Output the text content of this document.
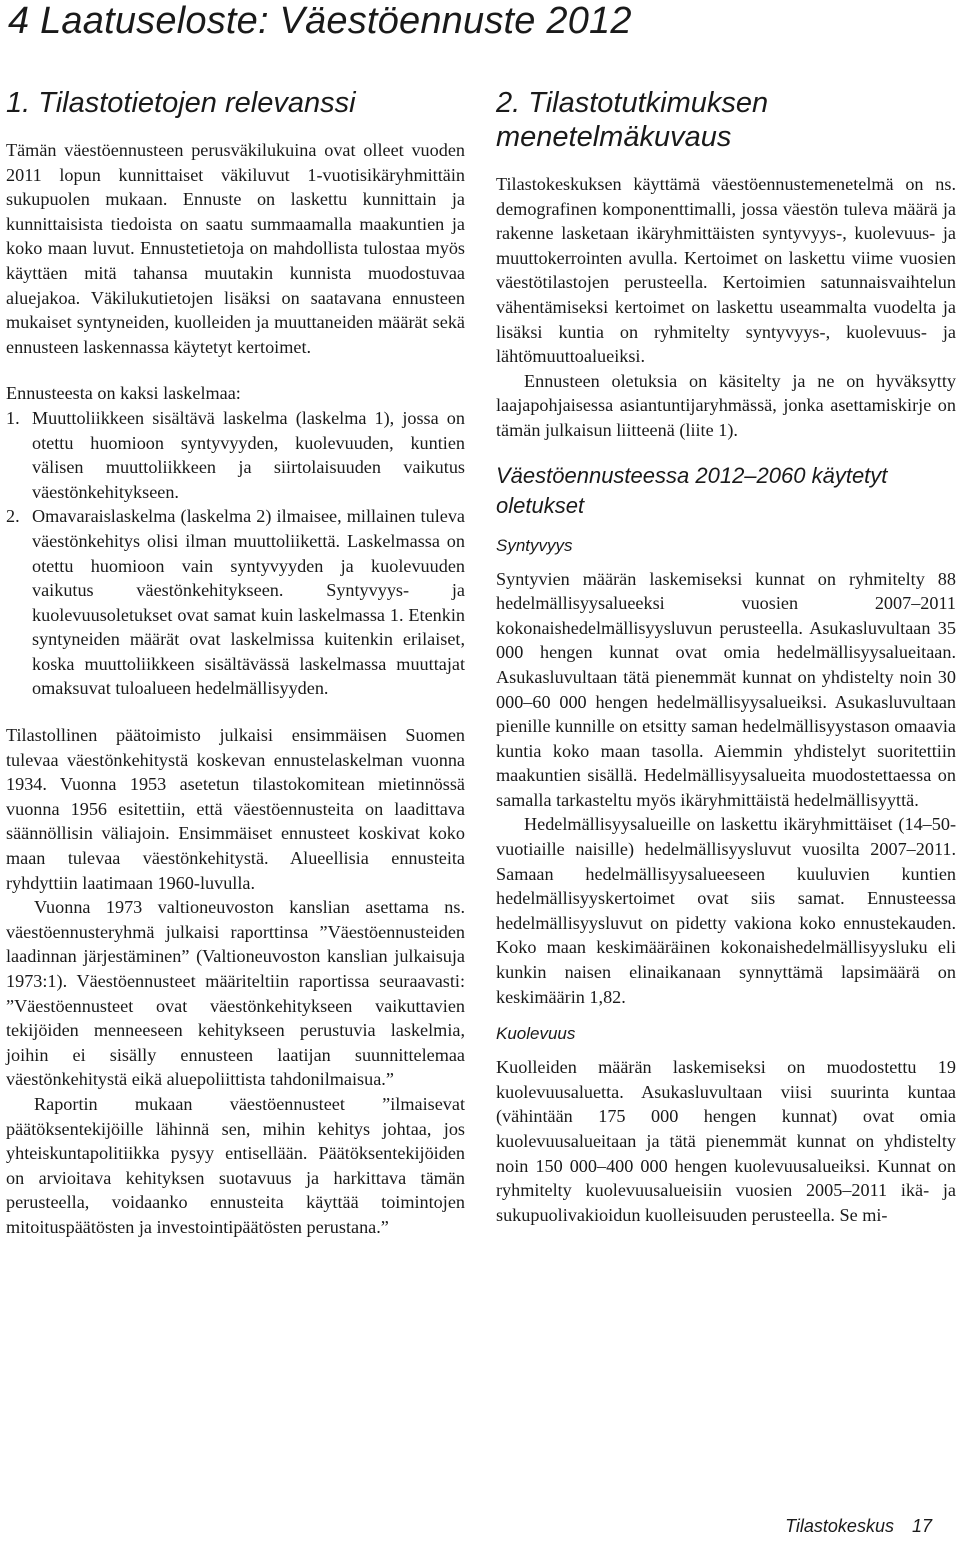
4 Laatuseloste: Väestöennuste 2012
1. Tilastotietojen relevanssi

Tämän väestöennusteen perusväkilukuina ovat olleet vuoden 2011 lopun kunnittaiset väkiluvut 1-vuotisikäryhmittäin sukupuolen mukaan. Ennuste on laskettu kunnittain ja kunnittaisista tiedoista on saatu summaamalla maakuntien ja koko maan luvut. Ennustetietoja on mahdollista tulostaa myös käyttäen mitä tahansa muutakin kunnista muodostuvaa aluejakoa. Väkilukutietojen lisäksi on saatavana ennusteen mukaiset syntyneiden, kuolleiden ja muuttaneiden määrät sekä ennusteen laskennassa käytetyt kertoimet.

Ennusteesta on kaksi laskelmaa:

1. Muuttoliikkeen sisältävä laskelma (laskelma 1), jossa on otettu huomioon syntyvyyden, kuolevuuden, kuntien välisen muuttoliikkeen ja siirtolaisuuden vaikutus väestönkehitykseen.
2. Omavaraislaskelma (laskelma 2) ilmaisee, millainen tuleva väestönkehitys olisi ilman muuttoliikettä. Laskelmassa on otettu huomioon vain syntyvyyden ja kuolevuuden vaikutus väestönkehitykseen. Syntyvyys- ja kuolevuusoletukset ovat samat kuin laskelmassa 1. Etenkin syntyneiden määrät ovat laskelmissa kuitenkin erilaiset, koska muuttoliikkeen sisältävässä laskelmassa muuttajat omaksuvat tuloalueen hedelmällisyyden.

Tilastollinen päätoimisto julkaisi ensimmäisen Suomen tulevaa väestönkehitystä koskevan ennustelaskelman vuonna 1934. Vuonna 1953 asetetun tilastokomitean mietinnössä vuonna 1956 esitettiin, että väestöennusteita on laadittava säännöllisin väliajoin. Ensimmäiset ennusteet koskivat koko maan tulevaa väestönkehitystä. Alueellisia ennusteita ryhdyttiin laatimaan 1960-luvulla.

Vuonna 1973 valtioneuvoston kanslian asettama ns. väestöennusteryhmä julkaisi raporttinsa ”Väestöennusteiden laadinnan järjestäminen” (Valtioneuvoston kanslian julkaisuja 1973:1). Väestöennusteet määriteltiin raportissa seuraavasti: ”Väestöennusteet ovat väestönkehitykseen vaikuttavien tekijöiden menneeseen kehitykseen perustuvia laskelmia, joihin ei sisälly ennusteen laatijan suunnittelemaa väestönkehitystä eikä aluepoliittista tahdonilmaisua.”

Raportin mukaan väestöennusteet ”ilmaisevat päätöksentekijöille lähinnä sen, mihin kehitys johtaa, jos yhteiskuntapolitiikka pysyy entisellään. Päätöksentekijöiden on arvioitava kehityksen suotavuus ja harkittava tämän perusteella, voidaanko ennusteita käyttää toimintojen mitoituspäätösten ja investointipäätösten perustana.”

2. Tilastotutkimuksen menetelmäkuvaus

Tilastokeskuksen käyttämä väestöennustemenetelmä on ns. demografinen komponenttimalli, jossa väestön tuleva määrä ja rakenne lasketaan ikäryhmittäisten syntyvyys-, kuolevuus- ja muuttokerrointen avulla. Kertoimet on laskettu viime vuosien väestötilastojen perusteella. Kertoimien satunnaisvaihtelun vähentämiseksi kertoimet on laskettu useammalta vuodelta ja lisäksi kuntia on ryhmitelty syntyvyys-, kuolevuus- ja lähtömuuttoalueiksi.

Ennusteen oletuksia on käsitelty ja ne on hyväksytty laajapohjaisessa asiantuntijaryhmässä, jonka asettamiskirje on tämän julkaisun liitteenä (liite 1).

Väestöennusteessa 2012–2060 käytetyt oletukset
Syntyvyys

Syntyvien määrän laskemiseksi kunnat on ryhmitelty 88 hedelmällisyysalueeksi vuosien 2007–2011 kokonaishedelmällisyysluvun perusteella. Asukasluvultaan 35 000 hengen kunnat ovat omia hedelmällisyysalueitaan. Asukasluvultaan tätä pienemmät kunnat on yhdistelty noin 30 000–60 000 hengen hedelmällisyysalueiksi. Asukasluvultaan pienille kunnille on etsitty saman hedelmällisyystason omaavia kuntia koko maan tasolla. Aiemmin yhdistelyt suoritettiin maakuntien sisällä. Hedelmällisyysalueita muodostettaessa on samalla tarkasteltu myös ikäryhmittäistä hedelmällisyyttä.

Hedelmällisyysalueille on laskettu ikäryhmittäiset (14–50-vuotiaille naisille) hedelmällisyysluvut vuosilta 2007–2011. Samaan hedelmällisyysalueeseen kuuluvien kuntien hedelmällisyyskertoimet ovat siis samat. Ennusteessa hedelmällisyysluvut on pidetty vakiona koko ennustekauden. Koko maan keskimääräinen kokonaishedelmällisyysluku eli kunkin naisen elinaikanaan synnyttämä lapsimäärä on keskimäärin 1,82.

Kuolevuus

Kuolleiden määrän laskemiseksi on muodostettu 19 kuolevuusaluetta. Asukasluvultaan viisi suurinta kuntaa (vähintään 175 000 hengen kunnat) ovat omia kuolevuusalueitaan ja tätä pienemmät kunnat on yhdistelty noin 150 000–400 000 hengen kuolevuusalueiksi. Kunnat on ryhmitelty kuolevuusalueisiin vuosien 2005–2011 ikä- ja sukupuolivakioidun kuolleisuuden perusteella. Se mi-

Tilastokeskus 17
